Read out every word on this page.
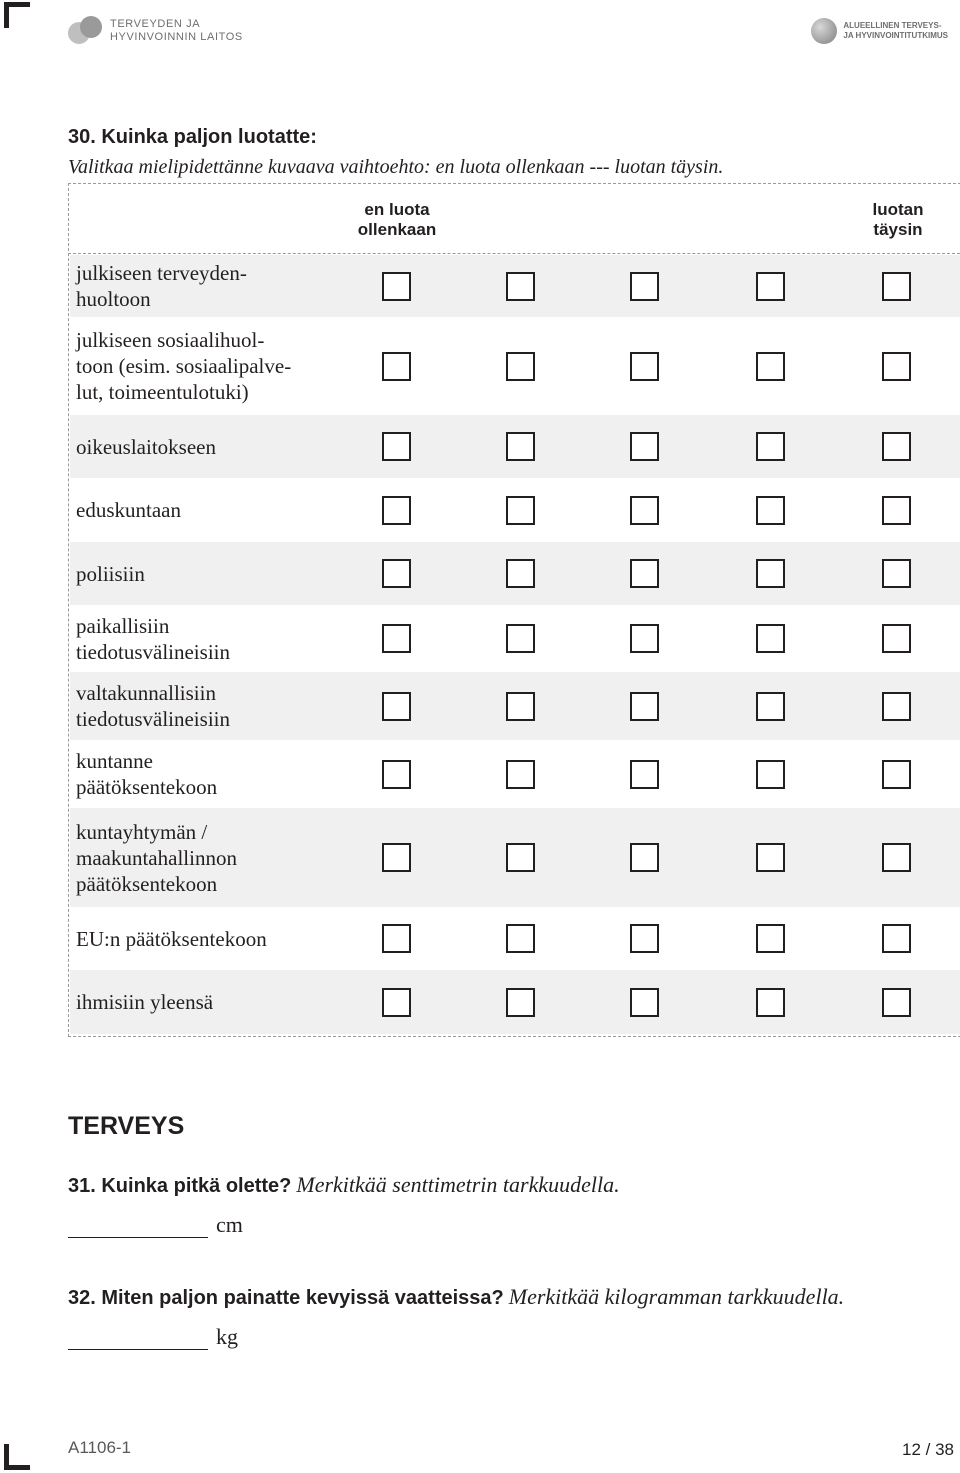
TERVEYDEN JA
HYVINVOINNIN LAITOS
ALUEELLINEN TERVEYS-
JA HYVINVOINTITUTKIMUS
30. Kuinka paljon luotatte:
Valitkaa mielipidettänne kuvaava vaihtoehto: en luota ollenkaan --- luotan täysin.
en luota
ollenkaan
luotan
täysin
julkiseen terveyden-
huoltoon
julkiseen sosiaalihuol-
toon (esim. sosiaalipalve-
lut, toimeentulotuki)
oikeuslaitokseen
eduskuntaan
poliisiin
paikallisiin
tiedotusvälineisiin
valtakunnallisiin
tiedotusvälineisiin
kuntanne
päätöksentekoon
kuntayhtymän /
maakuntahallinnon
päätöksentekoon
EU:n päätöksentekoon
ihmisiin yleensä
TERVEYS
31. Kuinka pitkä olette? Merkitkää senttimetrin tarkkuudella.
cm
32. Miten paljon painatte kevyissä vaatteissa? Merkitkää kilogramman tarkkuudella.
kg
A1106-1	12 / 38
